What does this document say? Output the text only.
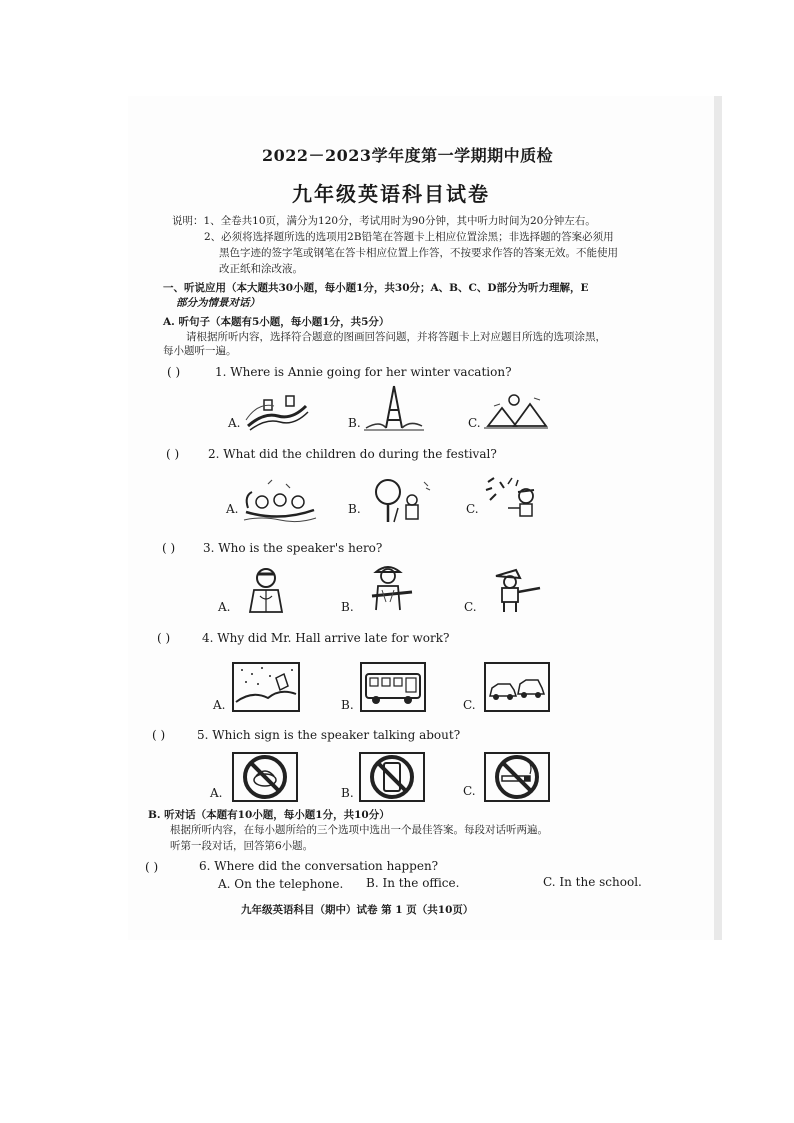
2022－2023学年度第一学期期中质检
九年级英语科目试卷
说明：1、全卷共10页，满分为120分，考试用时为90分钟，其中听力时间为20分钟左右。
2、必须将选择题所选的选项用2B铅笔在答题卡上相应位置涂黑；非选择题的答案必须用
黑色字迹的签字笔或钢笔在答卡相应位置上作答，不按要求作答的答案无效。不能使用
改正纸和涂改液。
一、听说应用（本大题共30小题，每小题1分，共30分；A、B、C、D部分为听力理解，E
部分为情景对话）
A. 听句子（本题有5小题，每小题1分，共5分）
请根据所听内容，选择符合题意的图画回答问题，并将答题卡上对应题目所选的选项涂黑，
每小题听一遍。
( )	1. Where is Annie going for her winter vacation?
A.	B.	C.
( ) 2. What did the children do during the festival?
A.	B.	C.
( ) 3. Who is the speaker's hero?
A.	B.	C.
( )	4. Why did Mr. Hall arrive late for work?
A.	B.	C.
( )	5. Which sign is the speaker talking about?
A.	B.	C.
B. 听对话（本题有10小题，每小题1分，共10分）
根据所听内容，在每小题所给的三个选项中选出一个最佳答案。每段对话听两遍。
听第一段对话，回答第6小题。
( )	6. Where did the conversation happen?
A. On the telephone. B. In the office.	C. In the school.
九年级英语科目（期中）试卷 第 1 页（共10页）
